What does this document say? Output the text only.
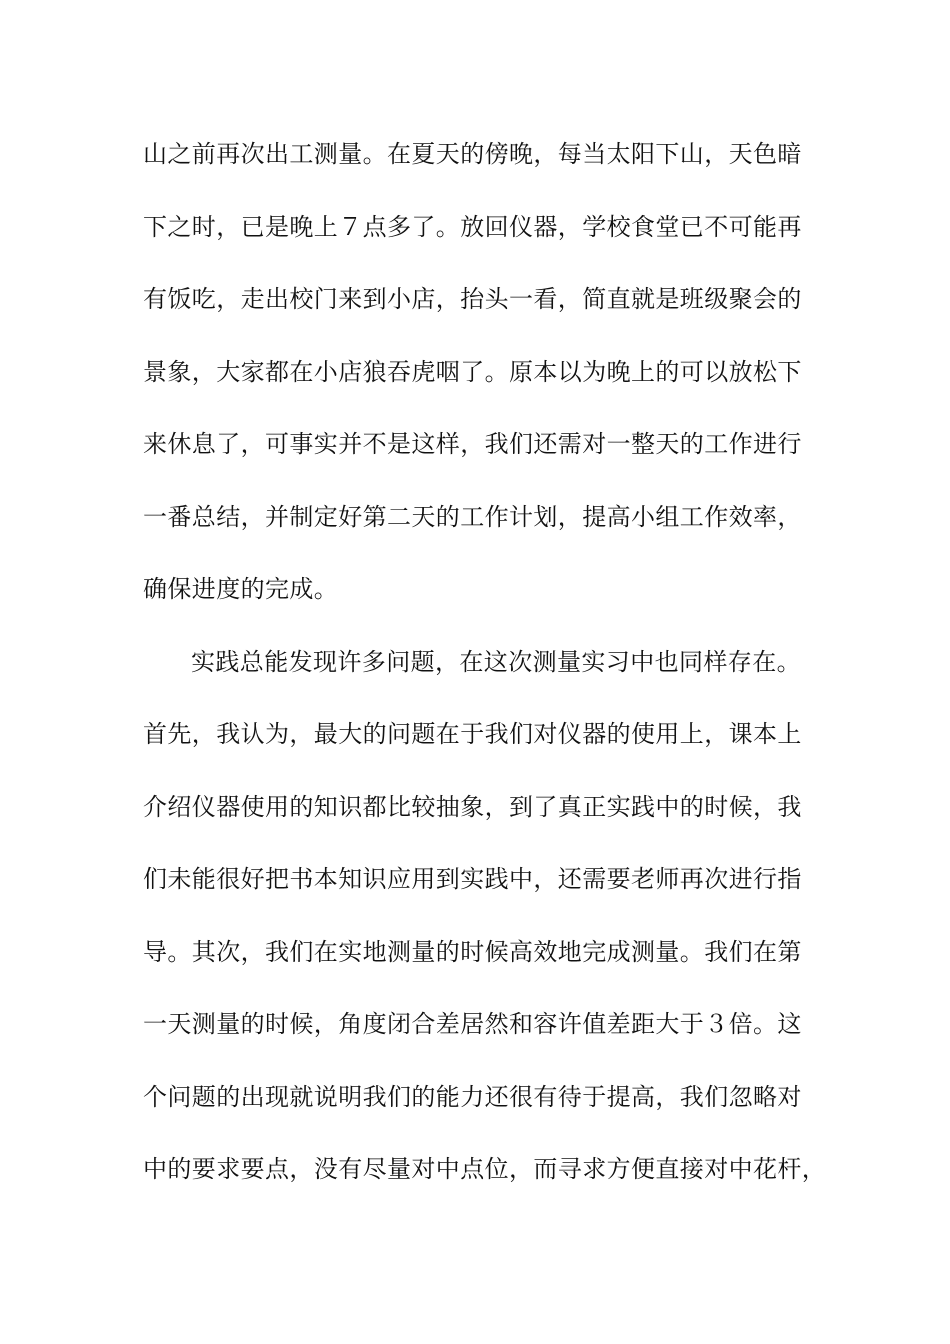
山之前再次出工测量。在夏天的傍晚，每当太阳下山，天色暗
下之时，已是晚上７点多了。放回仪器，学校食堂已不可能再
有饭吃，走出校门来到小店，抬头一看，简直就是班级聚会的
景象，大家都在小店狼吞虎咽了。原本以为晚上的可以放松下
来休息了，可事实并不是这样，我们还需对一整天的工作进行
一番总结，并制定好第二天的工作计划，提高小组工作效率，
确保进度的完成。
实践总能发现许多问题，在这次测量实习中也同样存在。
首先，我认为，最大的问题在于我们对仪器的使用上，课本上
介绍仪器使用的知识都比较抽象，到了真正实践中的时候，我
们未能很好把书本知识应用到实践中，还需要老师再次进行指
导。其次，我们在实地测量的时候高效地完成测量。我们在第
一天测量的时候，角度闭合差居然和容许值差距大于３倍。这
个问题的出现就说明我们的能力还很有待于提高，我们忽略对
中的要求要点，没有尽量对中点位，而寻求方便直接对中花杆，
